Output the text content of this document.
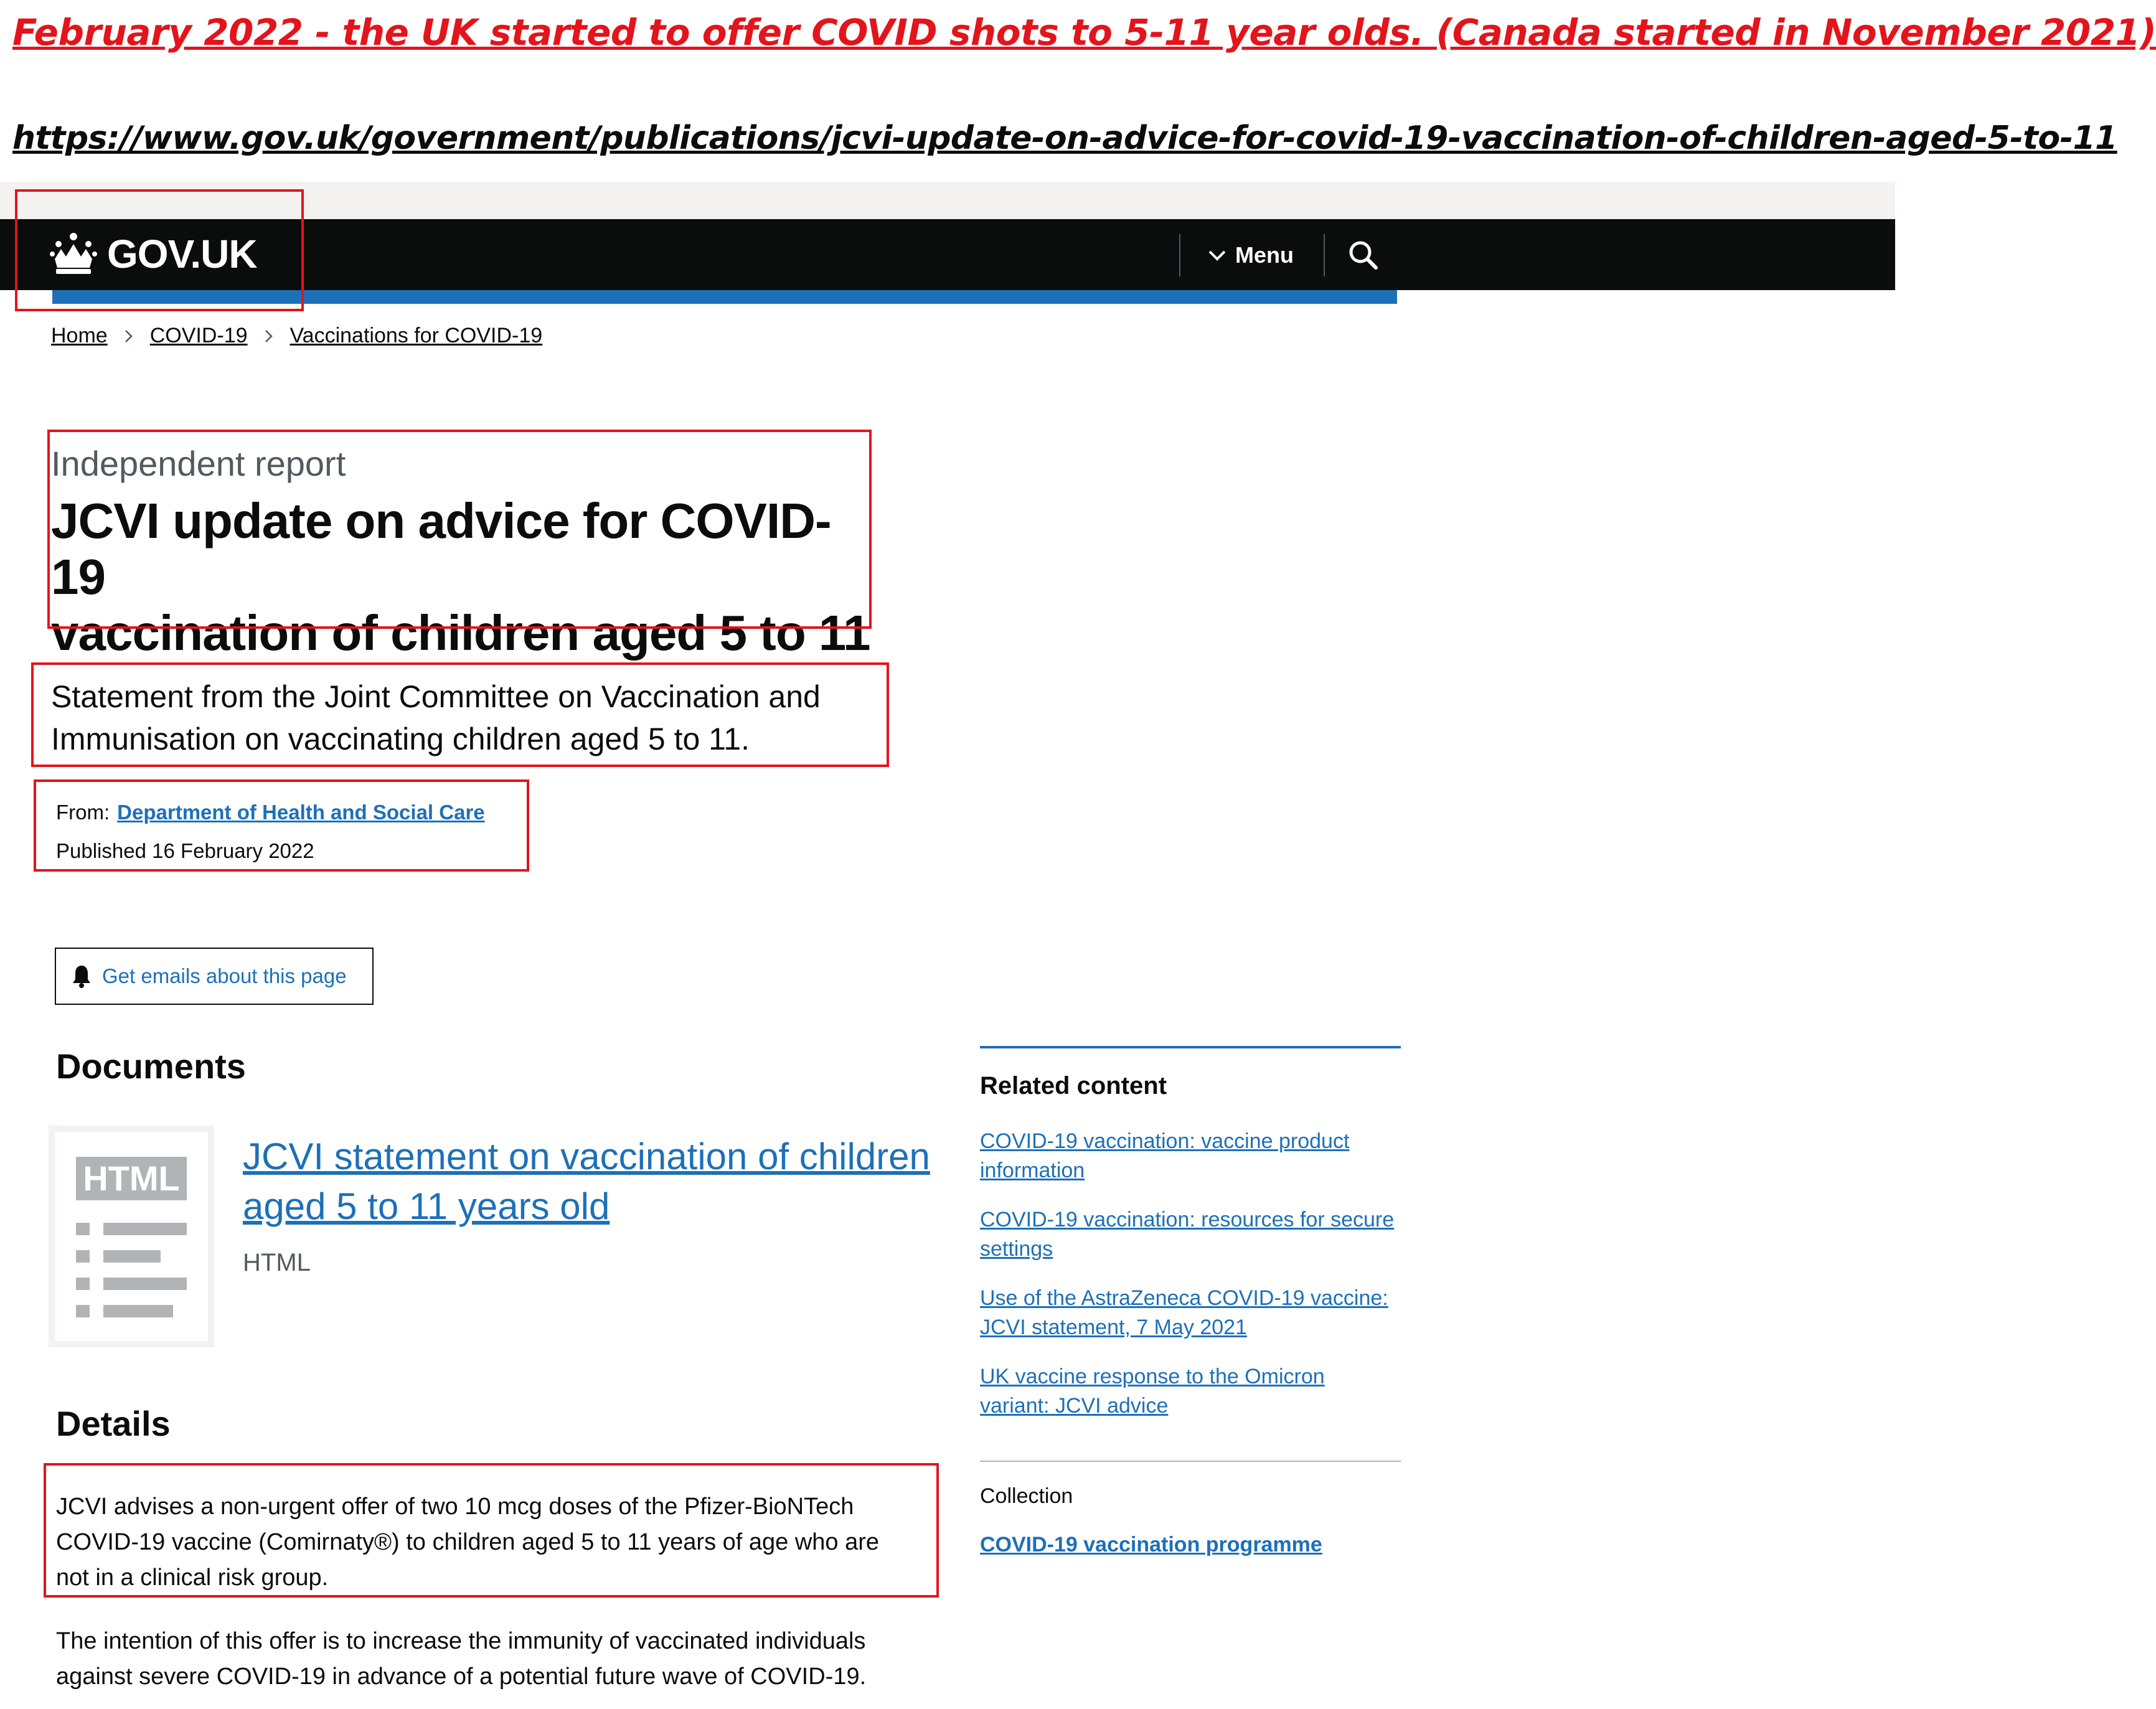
February 2022 - the UK started to offer COVID shots to 5-11 year olds. (Canada started in November 2021)
https://www.gov.uk/government/publications/jcvi-update-on-advice-for-covid-19-vaccination-of-children-aged-5-to-11
GOV.UK	Menu
Home COVID-19 Vaccinations for COVID-19
Independent report
JCVI update on advice for COVID-19
vaccination of children aged 5 to 11
Statement from the Joint Committee on Vaccination and
Immunisation on vaccinating children aged 5 to 11.
From: Department of Health and Social Care
Published 16 February 2022
Get emails about this page
Documents
HTML
JCVI statement on vaccination of children
aged 5 to 11 years old
HTML
Details
JCVI advises a non-urgent offer of two 10 mcg doses of the Pfizer-BioNTech
COVID-19 vaccine (Comirnaty®) to children aged 5 to 11 years of age who are
not in a clinical risk group.
The intention of this offer is to increase the immunity of vaccinated individuals
against severe COVID-19 in advance of a potential future wave of COVID-19.
Related content
COVID-19 vaccination: vaccine product
information
COVID-19 vaccination: resources for secure
settings
Use of the AstraZeneca COVID-19 vaccine:
JCVI statement, 7 May 2021
UK vaccine response to the Omicron
variant: JCVI advice
Collection
COVID-19 vaccination programme
